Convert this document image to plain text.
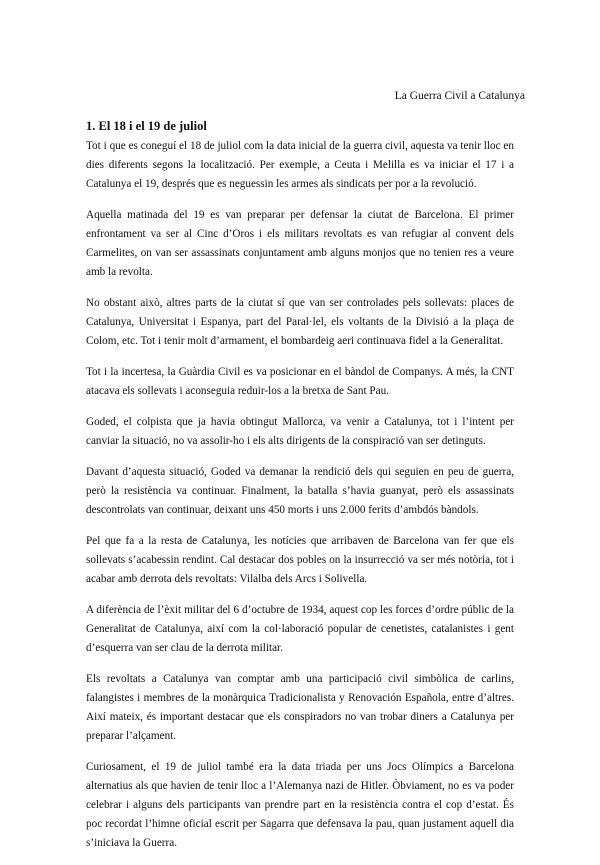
La Guerra Civil a Catalunya

1. El 18 i el 19 de juliol

Tot i que es coneguí el 18 de juliol com la data inicial de la guerra civil, aquesta va tenir lloc en dies diferents segons la localització. Per exemple, a Ceuta i Melilla es va iniciar el 17 i a Catalunya el 19, després que es neguessin les armes als sindicats per por a la revolució.

Aquella matinada del 19 es van preparar per defensar la ciutat de Barcelona. El primer enfrontament va ser al Cinc d’Oros i els militars revoltats es van refugiar al convent dels Carmelites, on van ser assassinats conjuntament amb alguns monjos que no tenien res a veure amb la revolta.

No obstant això, altres parts de la ciutat sí que van ser controlades pels sollevats: places de Catalunya, Universitat i Espanya, part del Paral·lel, els voltants de la Divisió a la plaça de Colom, etc. Tot i tenir molt d’armament, el bombardeig aeri continuava fidel a la Generalitat.

Tot i la incertesa, la Guàrdia Civil es va posicionar en el bàndol de Companys. A més, la CNT atacava els sollevats i aconseguia reduir-los a la bretxa de Sant Pau.

Goded, el colpista que ja havia obtingut Mallorca, va venir a Catalunya, tot i l’intent per canviar la situació, no va assolir-ho i els alts dirigents de la conspiració van ser detinguts.

Davant d’aquesta situació, Goded va demanar la rendició dels qui seguien en peu de guerra, però la resistència va continuar. Finalment, la batalla s’havia guanyat, però els assassinats descontrolats van continuar, deixant uns 450 morts i uns 2.000 ferits d’ambdós bàndols.

Pel que fa a la resta de Catalunya, les notícies que arribaven de Barcelona van fer que els sollevats s’acabessin rendint. Cal destacar dos pobles on la insurrecció va ser més notòria, tot i acabar amb derrota dels revoltats: Vilalba dels Arcs i Solivella.

A diferència de l’èxit militar del 6 d’octubre de 1934, aquest cop les forces d’ordre públic de la Generalitat de Catalunya, així com la col·laboració popular de cenetistes, catalanistes i gent d’esquerra van ser clau de la derrota militar.

Els revoltats a Catalunya van comptar amb una participació civil simbòlica de carlins, falangistes i membres de la monàrquica Tradicionalista y Renovación Española, entre d’altres. Així mateix, és important destacar que els conspiradors no van trobar diners a Catalunya per preparar l’alçament.

Curiosament, el 19 de juliol també era la data triada per uns Jocs Olímpics a Barcelona alternatius als que havien de tenir lloc a l’Alemanya nazi de Hitler. Òbviament, no es va poder celebrar i alguns dels participants van prendre part en la resistència contra el cop d’estat. És poc recordat l’himne oficial escrit per Sagarra que defensava la pau, quan justament aquell dia s’iniciava la Guerra.
